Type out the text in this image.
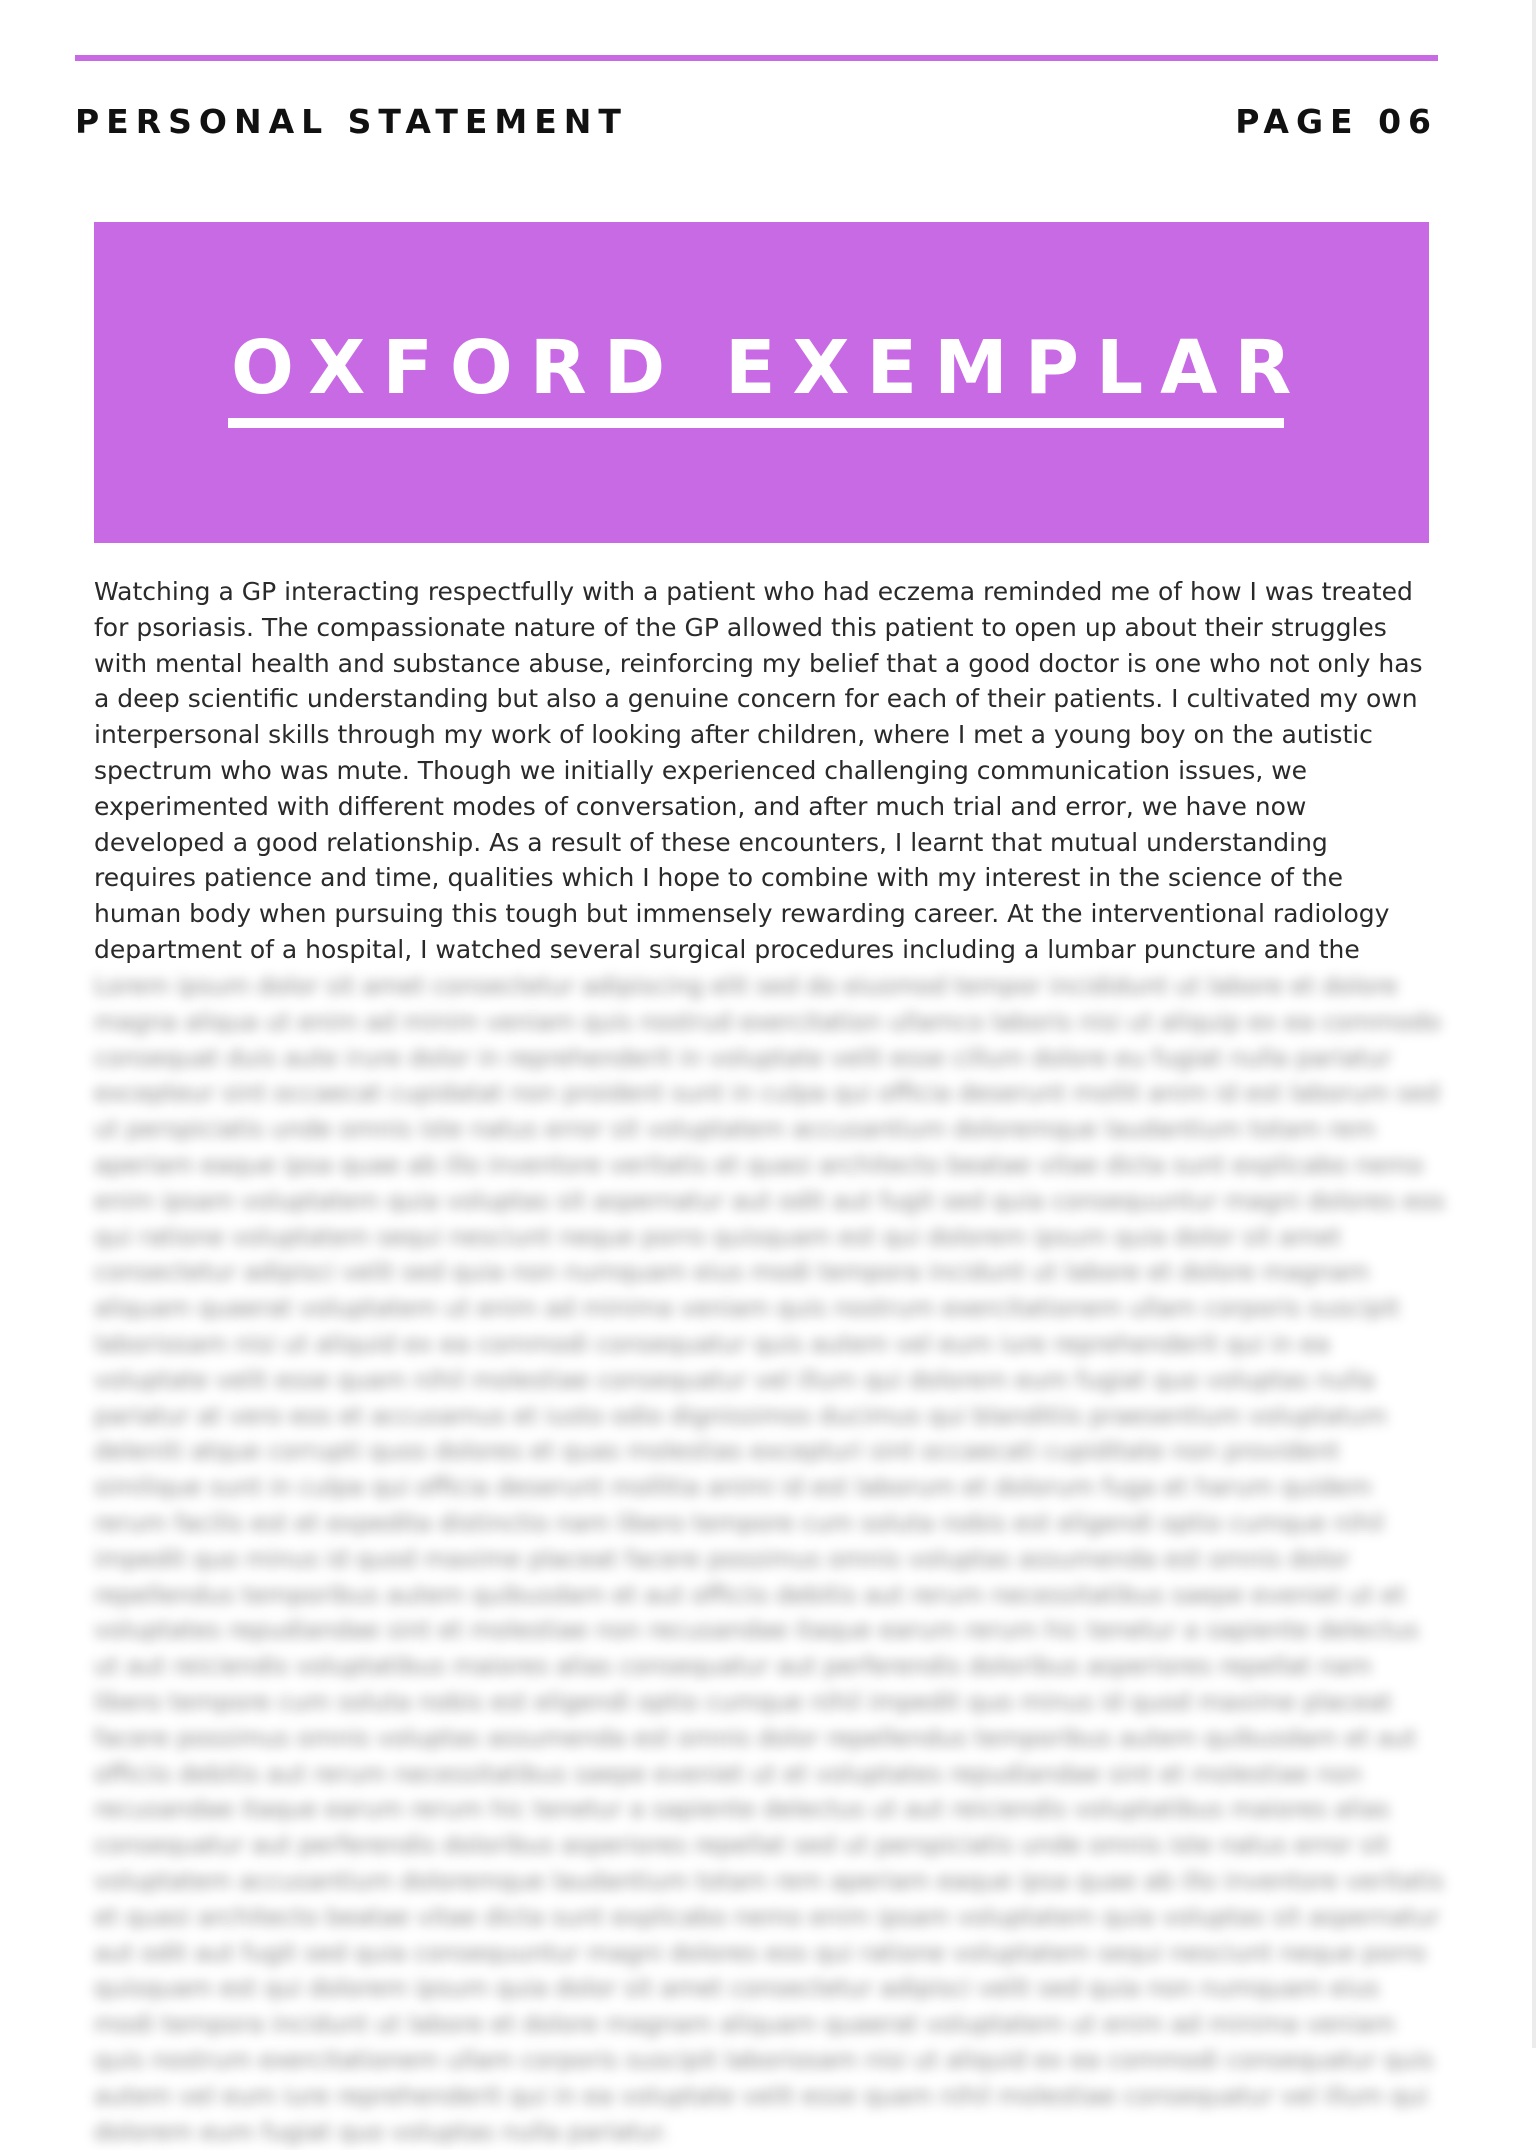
PERSONAL STATEMENT	PAGE 06
OXFORD EXEMPLAR
Watching a GP interacting respectfully with a patient who had eczema reminded me of how I was treated
for psoriasis. The compassionate nature of the GP allowed this patient to open up about their struggles
with mental health and substance abuse, reinforcing my belief that a good doctor is one who not only has
a deep scientific understanding but also a genuine concern for each of their patients. I cultivated my own
interpersonal skills through my work of looking after children, where I met a young boy on the autistic
spectrum who was mute. Though we initially experienced challenging communication issues, we
experimented with different modes of conversation, and after much trial and error, we have now
developed a good relationship. As a result of these encounters, I learnt that mutual understanding
requires patience and time, qualities which I hope to combine with my interest in the science of the
human body when pursuing this tough but immensely rewarding career. At the interventional radiology
department of a hospital, I watched several surgical procedures including a lumbar puncture and the
Lorem ipsum dolor sit amet consectetur adipiscing elit sed do eiusmod tempor incididunt ut labore et dolore magna aliqua ut enim ad minim veniam quis nostrud exercitation ullamco laboris nisi ut aliquip ex ea commodo consequat duis aute irure dolor in reprehenderit in voluptate velit esse cillum dolore eu fugiat nulla pariatur excepteur sint occaecat cupidatat non proident sunt in culpa qui officia deserunt mollit anim id est laborum sed ut perspiciatis unde omnis iste natus error sit voluptatem accusantium doloremque laudantium totam rem aperiam eaque ipsa quae ab illo inventore veritatis et quasi architecto beatae vitae dicta sunt explicabo nemo enim ipsam voluptatem quia voluptas sit aspernatur aut odit aut fugit sed quia consequuntur magni dolores eos qui ratione voluptatem sequi nesciunt neque porro quisquam est qui dolorem ipsum quia dolor sit amet consectetur adipisci velit sed quia non numquam eius modi tempora incidunt ut labore et dolore magnam aliquam quaerat voluptatem ut enim ad minima veniam quis nostrum exercitationem ullam corporis suscipit laboriosam nisi ut aliquid ex ea commodi consequatur quis autem vel eum iure reprehenderit qui in ea voluptate velit esse quam nihil molestiae consequatur vel illum qui dolorem eum fugiat quo voluptas nulla pariatur at vero eos et accusamus et iusto odio dignissimos ducimus qui blanditiis praesentium voluptatum deleniti atque corrupti quos dolores et quas molestias excepturi sint occaecati cupiditate non provident similique sunt in culpa qui officia deserunt mollitia animi id est laborum et dolorum fuga et harum quidem rerum facilis est et expedita distinctio nam libero tempore cum soluta nobis est eligendi optio cumque nihil impedit quo minus id quod maxime placeat facere possimus omnis voluptas assumenda est omnis dolor repellendus temporibus autem quibusdam et aut officiis debitis aut rerum necessitatibus saepe eveniet ut et voluptates repudiandae sint et molestiae non recusandae itaque earum rerum hic tenetur a sapiente delectus ut aut reiciendis voluptatibus maiores alias consequatur aut perferendis doloribus asperiores repellat nam libero tempore cum soluta nobis est eligendi optio cumque nihil impedit quo minus id quod maxime placeat facere possimus omnis voluptas assumenda est omnis dolor repellendus temporibus autem quibusdam et aut officiis debitis aut rerum necessitatibus saepe eveniet ut et voluptates repudiandae sint et molestiae non recusandae itaque earum rerum hic tenetur a sapiente delectus ut aut reiciendis voluptatibus maiores alias consequatur aut perferendis doloribus asperiores repellat sed ut perspiciatis unde omnis iste natus error sit voluptatem accusantium doloremque laudantium totam rem aperiam eaque ipsa quae ab illo inventore veritatis et quasi architecto beatae vitae dicta sunt explicabo nemo enim ipsam voluptatem quia voluptas sit aspernatur aut odit aut fugit sed quia consequuntur magni dolores eos qui ratione voluptatem sequi nesciunt neque porro quisquam est qui dolorem ipsum quia dolor sit amet consectetur adipisci velit sed quia non numquam eius modi tempora incidunt ut labore et dolore magnam aliquam quaerat voluptatem ut enim ad minima veniam quis nostrum exercitationem ullam corporis suscipit laboriosam nisi ut aliquid ex ea commodi consequatur quis autem vel eum iure reprehenderit qui in ea voluptate velit esse quam nihil molestiae consequatur vel illum qui dolorem eum fugiat quo voluptas nulla pariatur.
